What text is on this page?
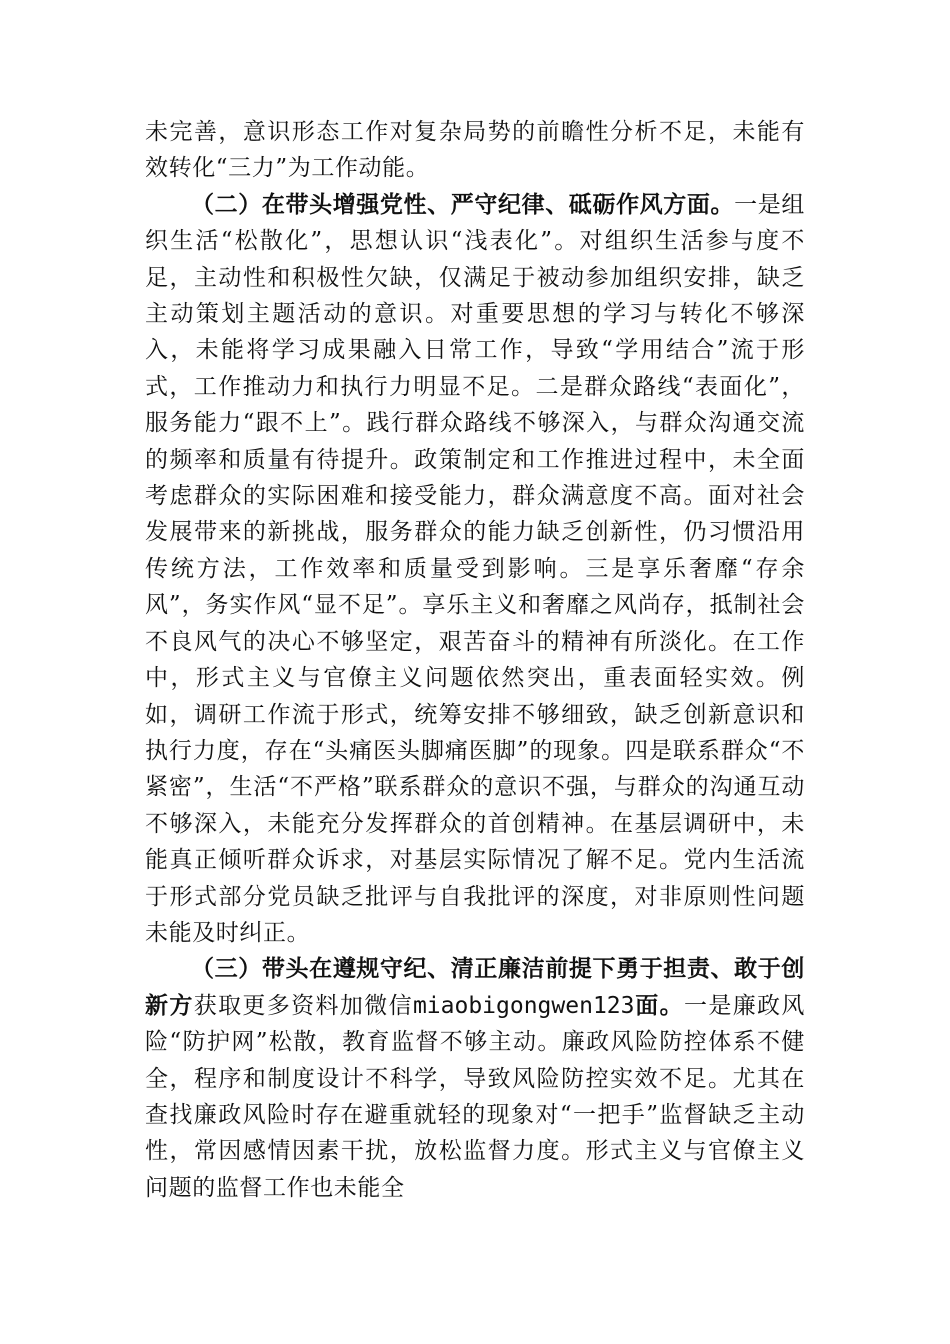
未完善，意识形态工作对复杂局势的前瞻性分析不足，未能有效转化“三力”为工作动能。

（二）在带头增强党性、严守纪律、砥砺作风方面。一是组织生活“松散化”，思想认识“浅表化”。对组织生活参与度不足，主动性和积极性欠缺，仅满足于被动参加组织安排，缺乏主动策划主题活动的意识。对重要思想的学习与转化不够深入，未能将学习成果融入日常工作，导致“学用结合”流于形式，工作推动力和执行力明显不足。二是群众路线“表面化”，服务能力“跟不上”。践行群众路线不够深入，与群众沟通交流的频率和质量有待提升。政策制定和工作推进过程中，未全面考虑群众的实际困难和接受能力，群众满意度不高。面对社会发展带来的新挑战，服务群众的能力缺乏创新性，仍习惯沿用传统方法，工作效率和质量受到影响。三是享乐奢靡“存余风”，务实作风“显不足”。享乐主义和奢靡之风尚存，抵制社会不良风气的决心不够坚定，艰苦奋斗的精神有所淡化。在工作中，形式主义与官僚主义问题依然突出，重表面轻实效。例如，调研工作流于形式，统筹安排不够细致，缺乏创新意识和执行力度，存在“头痛医头脚痛医脚”的现象。四是联系群众“不紧密”，生活“不严格”联系群众的意识不强，与群众的沟通互动不够深入，未能充分发挥群众的首创精神。在基层调研中，未能真正倾听群众诉求，对基层实际情况了解不足。党内生活流于形式部分党员缺乏批评与自我批评的深度，对非原则性问题未能及时纠正。

（三）带头在遵规守纪、清正廉洁前提下勇于担责、敢于创新方获取更多资料加微信miaobigongwen123面。一是廉政风险“防护网”松散，教育监督不够主动。廉政风险防控体系不健全，程序和制度设计不科学，导致风险防控实效不足。尤其在查找廉政风险时存在避重就轻的现象对“一把手”监督缺乏主动性，常因感情因素干扰，放松监督力度。形式主义与官僚主义问题的监督工作也未能全
